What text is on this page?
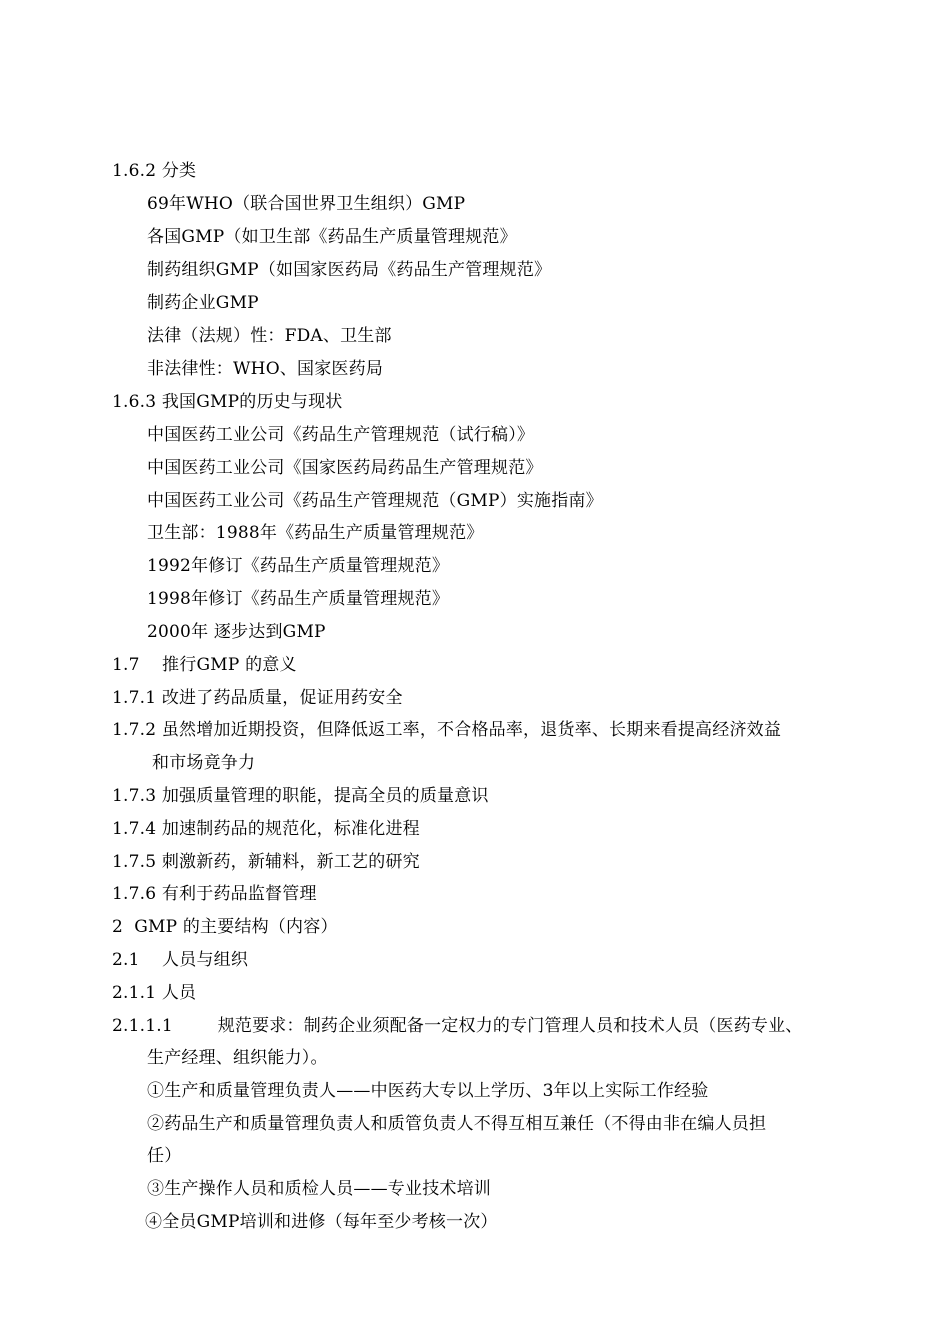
1.6.2 分类
69年WHO（联合国世界卫生组织）GMP
各国GMP（如卫生部《药品生产质量管理规范》
制药组织GMP（如国家医药局《药品生产管理规范》
制药企业GMP
法律（法规）性：FDA、卫生部
非法律性：WHO、国家医药局
1.6.3 我国GMP的历史与现状
中国医药工业公司《药品生产管理规范（试行稿）》
中国医药工业公司《国家医药局药品生产管理规范》
中国医药工业公司《药品生产管理规范（GMP）实施指南》
卫生部：1988年《药品生产质量管理规范》
1992年修订《药品生产质量管理规范》
1998年修订《药品生产质量管理规范》
2000年 逐步达到GMP
1.7    推行GMP 的意义
1.7.1 改进了药品质量，促证用药安全
1.7.2 虽然增加近期投资，但降低返工率，不合格品率，退货率、长期来看提高经济效益
和市场竟争力
1.7.3 加强质量管理的职能，提高全员的质量意识
1.7.4 加速制药品的规范化，标准化进程
1.7.5 刺激新药，新辅料，新工艺的研究
1.7.6 有利于药品监督管理
2  GMP 的主要结构（内容）
2.1    人员与组织
2.1.1 人员
2.1.1.1        规范要求：制药企业须配备一定权力的专门管理人员和技术人员（医药专业、
生产经理、组织能力）。
①生产和质量管理负责人——中医药大专以上学历、3年以上实际工作经验
②药品生产和质量管理负责人和质管负责人不得互相互兼任（不得由非在编人员担
任）
③生产操作人员和质检人员——专业技术培训
④全员GMP培训和进修（每年至少考核一次）
